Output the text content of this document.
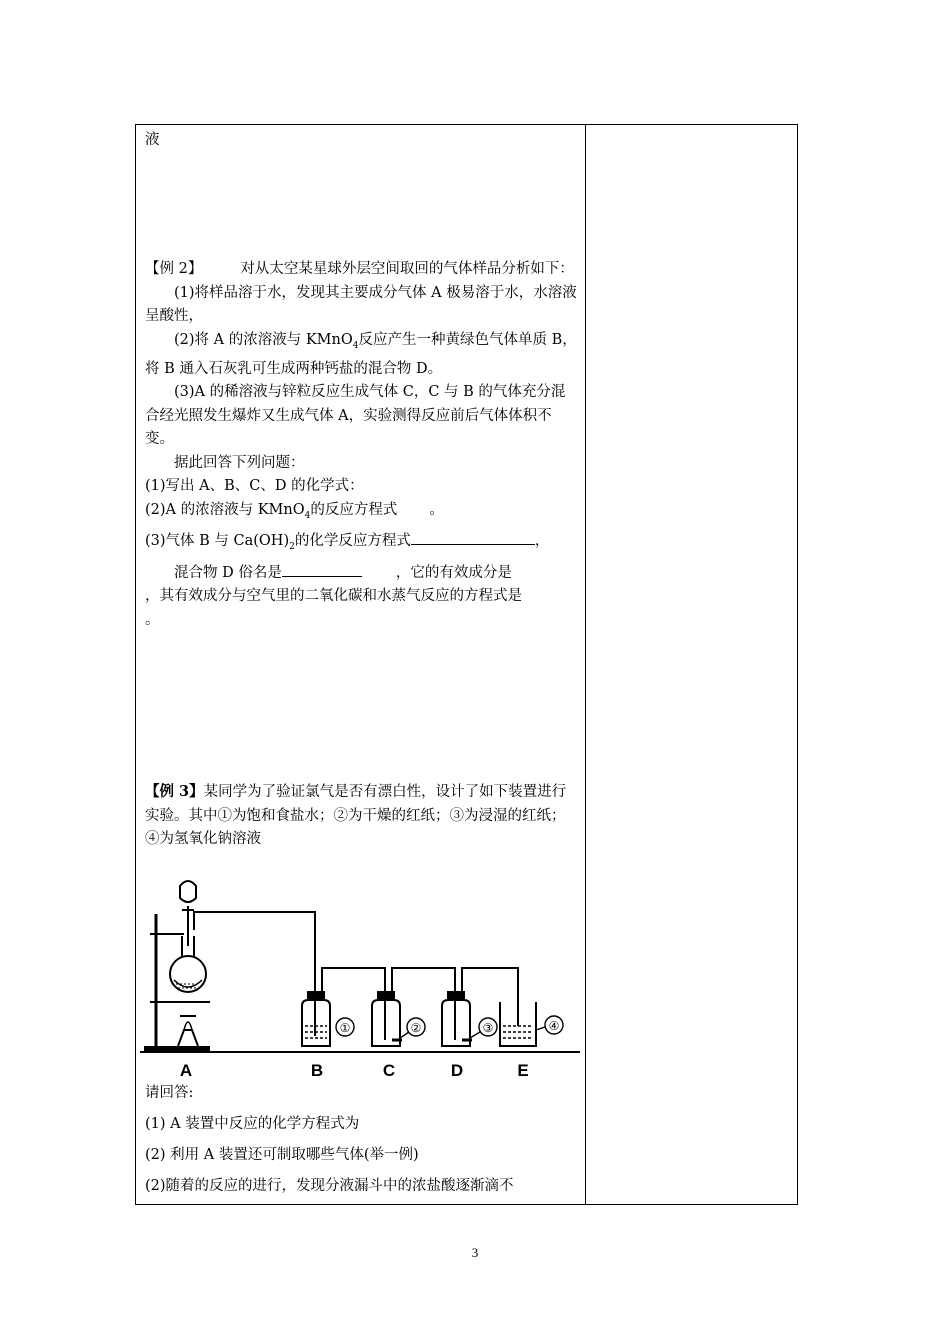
液

【例 2】	对从太空某星球外层空间取回的气体样品分析如下：

(1)将样品溶于水，发现其主要成分气体 A 极易溶于水，水溶液呈酸性，

(2)将 A 的浓溶液与 KMnO$_4$反应产生一种黄绿色气体单质 B，将 B 通入石灰乳可生成两种钙盐的混合物 D。

(3)A 的稀溶液与锌粒反应生成气体 C，C 与 B 的气体充分混合经光照发生爆炸又生成气体 A，实验测得反应前后气体体积不变。

据此回答下列问题：

(1)写出 A、B、C、D 的化学式：

(2)A 的浓溶液与 KMnO$_4$的反应方程式 。

(3)气体 B 与 $Ca(OH)_2$的化学反应方程式	，

混合物 D 俗名是	，它的有效成分是

，其有效成分与空气里的二氧化碳和水蒸气反应的方程式是

。

【例 3】某同学为了验证氯气是否有漂白性，设计了如下装置进行实验。其中①为饱和食盐水；②为干燥的红纸；③为浸湿的红纸；④为氢氧化钠溶液

①	②	③	④
A	B	C	D	E

请回答:

(1) A 装置中反应的化学方程式为

(2) 利用 A 装置还可制取哪些气体(举一例)

(2)随着的反应的进行，发现分液漏斗中的浓盐酸逐渐滴不

3
